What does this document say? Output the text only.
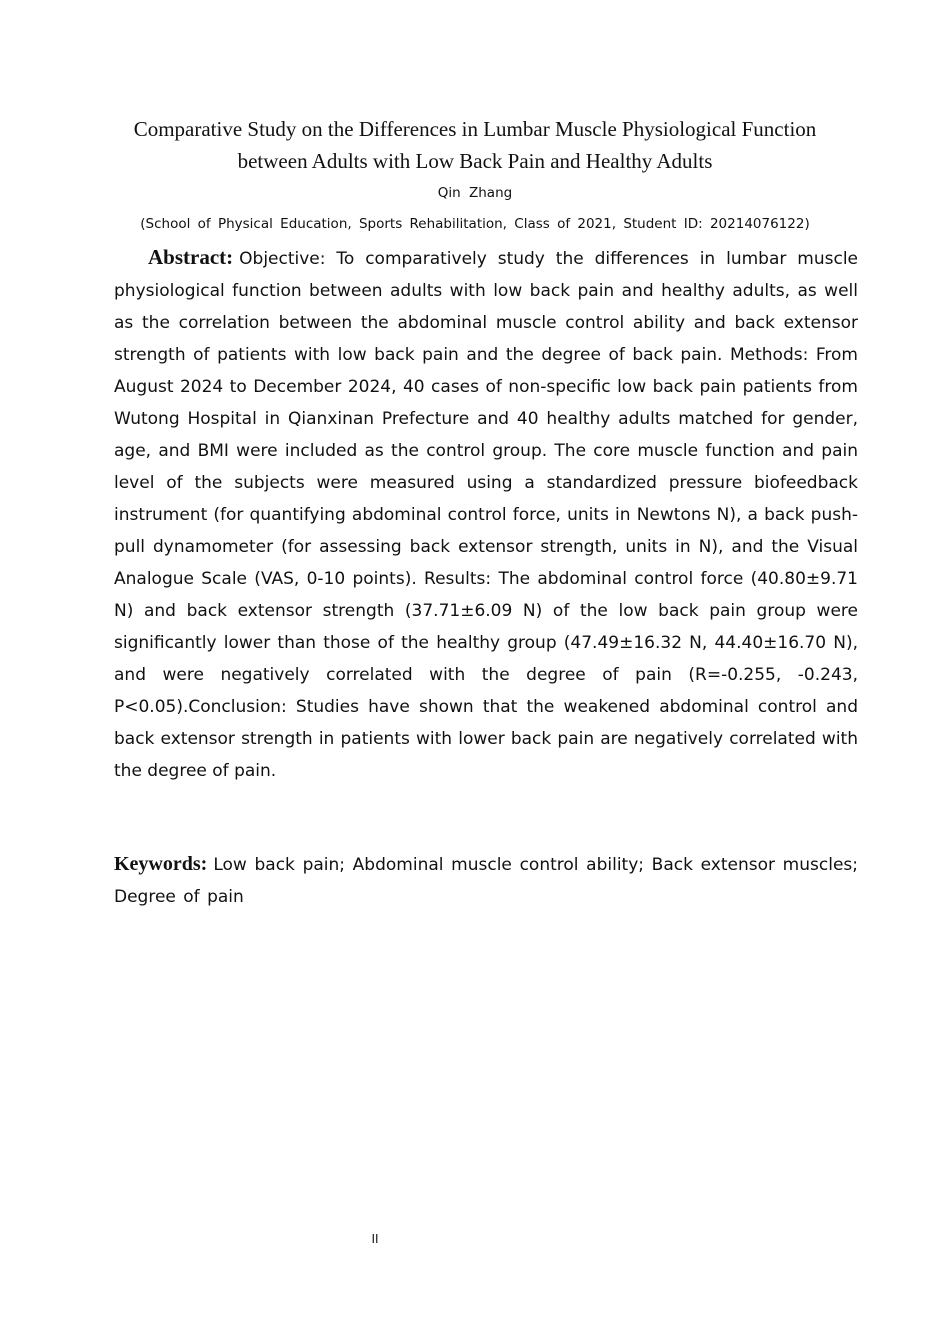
Comparative Study on the Differences in Lumbar Muscle Physiological Function
between Adults with Low Back Pain and Healthy Adults
Qin Zhang
(School of Physical Education, Sports Rehabilitation, Class of 2021, Student ID: 20214076122)

Abstract: Objective: To comparatively study the differences in lumbar muscle physiological function between adults with low back pain and healthy adults, as well as the correlation between the abdominal muscle control ability and back extensor strength of patients with low back pain and the degree of back pain. Methods: From August 2024 to December 2024, 40 cases of non-specific low back pain patients from Wutong Hospital in Qianxinan Prefecture and 40 healthy adults matched for gender, age, and BMI were included as the control group. The core muscle function and pain level of the subjects were measured using a standardized pressure biofeedback instrument (for quantifying abdominal control force, units in Newtons N), a back push-pull dynamometer (for assessing back extensor strength, units in N), and the Visual Analogue Scale (VAS, 0-10 points). Results: The abdominal control force (40.80±9.71 N) and back extensor strength (37.71±6.09 N) of the low back pain group were significantly lower than those of the healthy group (47.49±16.32 N, 44.40±16.70 N), and were negatively correlated with the degree of pain (R=-0.255, -0.243, P<0.05).Conclusion: Studies have shown that the weakened abdominal control and back extensor strength in patients with lower back pain are negatively correlated with the degree of pain.

Keywords: Low back pain; Abdominal muscle control ability; Back extensor muscles; Degree of pain

II
